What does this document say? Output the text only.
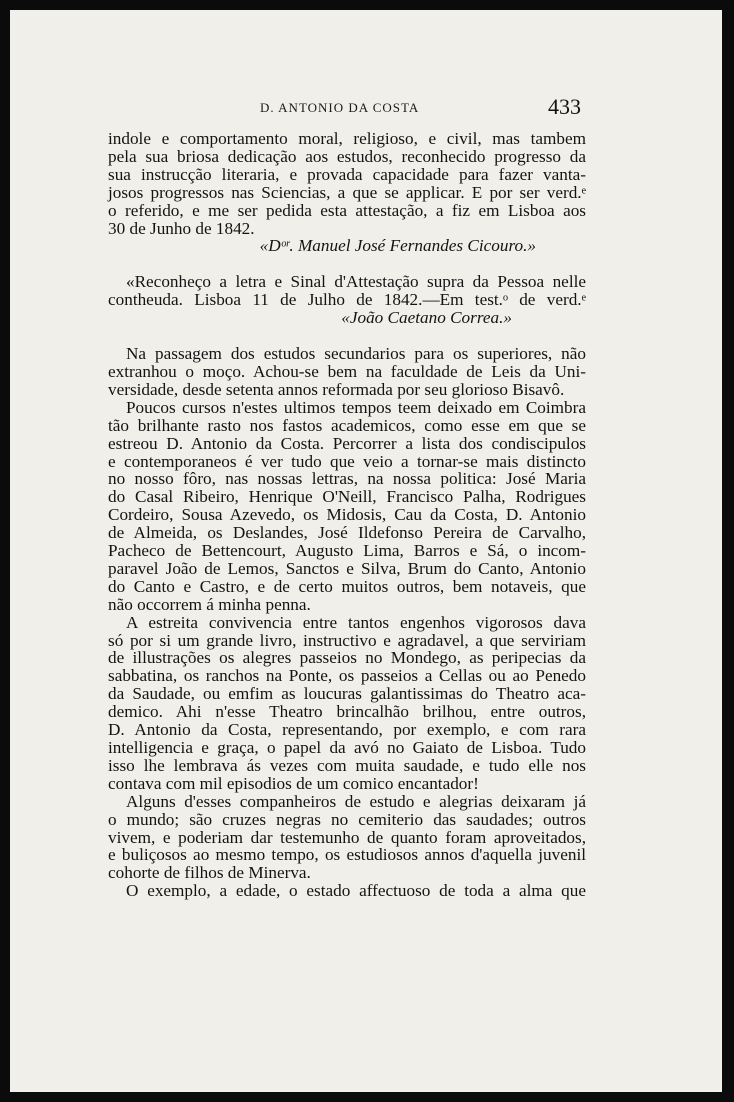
D. ANTONIO DA COSTA	433
indole e comportamento moral, religioso, e civil, mas tambem
pela sua briosa dedicação aos estudos, reconhecido progresso da
sua instrucção literaria, e provada capacidade para fazer vanta-
josos progressos nas Sciencias, a que se applicar. E por ser verd.ᵉ
o referido, e me ser pedida esta attestação, a fiz em Lisboa aos
30 de Junho de 1842.
«Dᵒʳ. Manuel José Fernandes Cicouro.»
«Reconheço a letra e Sinal d'Attestação supra da Pessoa nelle
contheuda. Lisboa 11 de Julho de 1842.—Em test.ᵒ de verd.ᵉ
«João Caetano Correa.»
Na passagem dos estudos secundarios para os superiores, não
extranhou o moço. Achou-se bem na faculdade de Leis da Uni-
versidade, desde setenta annos reformada por seu glorioso Bisavô.
Poucos cursos n'estes ultimos tempos teem deixado em Coimbra
tão brilhante rasto nos fastos academicos, como esse em que se
estreou D. Antonio da Costa. Percorrer a lista dos condiscipulos
e contemporaneos é ver tudo que veio a tornar-se mais distincto
no nosso fôro, nas nossas lettras, na nossa politica: José Maria
do Casal Ribeiro, Henrique O'Neill, Francisco Palha, Rodrigues
Cordeiro, Sousa Azevedo, os Midosis, Cau da Costa, D. Antonio
de Almeida, os Deslandes, José Ildefonso Pereira de Carvalho,
Pacheco de Bettencourt, Augusto Lima, Barros e Sá, o incom-
paravel João de Lemos, Sanctos e Silva, Brum do Canto, Antonio
do Canto e Castro, e de certo muitos outros, bem notaveis, que
não occorrem á minha penna.
A estreita convivencia entre tantos engenhos vigorosos dava
só por si um grande livro, instructivo e agradavel, a que serviriam
de illustrações os alegres passeios no Mondego, as peripecias da
sabbatina, os ranchos na Ponte, os passeios a Cellas ou ao Penedo
da Saudade, ou emfim as loucuras galantissimas do Theatro aca-
demico. Ahi n'esse Theatro brincalhão brilhou, entre outros,
D. Antonio da Costa, representando, por exemplo, e com rara
intelligencia e graça, o papel da avó no Gaiato de Lisboa. Tudo
isso lhe lembrava ás vezes com muita saudade, e tudo elle nos
contava com mil episodios de um comico encantador!
Alguns d'esses companheiros de estudo e alegrias deixaram já
o mundo; são cruzes negras no cemiterio das saudades; outros
vivem, e poderiam dar testemunho de quanto foram aproveitados,
e buliçosos ao mesmo tempo, os estudiosos annos d'aquella juvenil
cohorte de filhos de Minerva.
O exemplo, a edade, o estado affectuoso de toda a alma que
